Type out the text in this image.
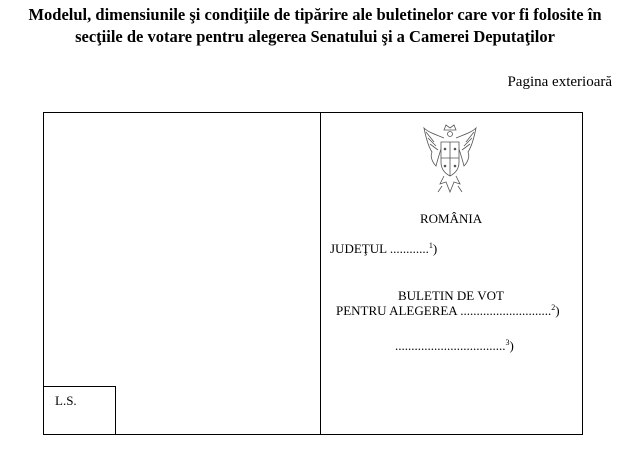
Modelul, dimensiunile şi condiţiile de tipărire ale buletinelor care vor fi folosite în
secţiile de votare pentru alegerea Senatului şi a Camerei Deputaţilor
Pagina exterioară
L.S.
ROMÂNIA
JUDEŢUL ............$^1$)
BULETIN DE VOT
PENTRU ALEGEREA ............................$^2$)
..................................$^3$)
